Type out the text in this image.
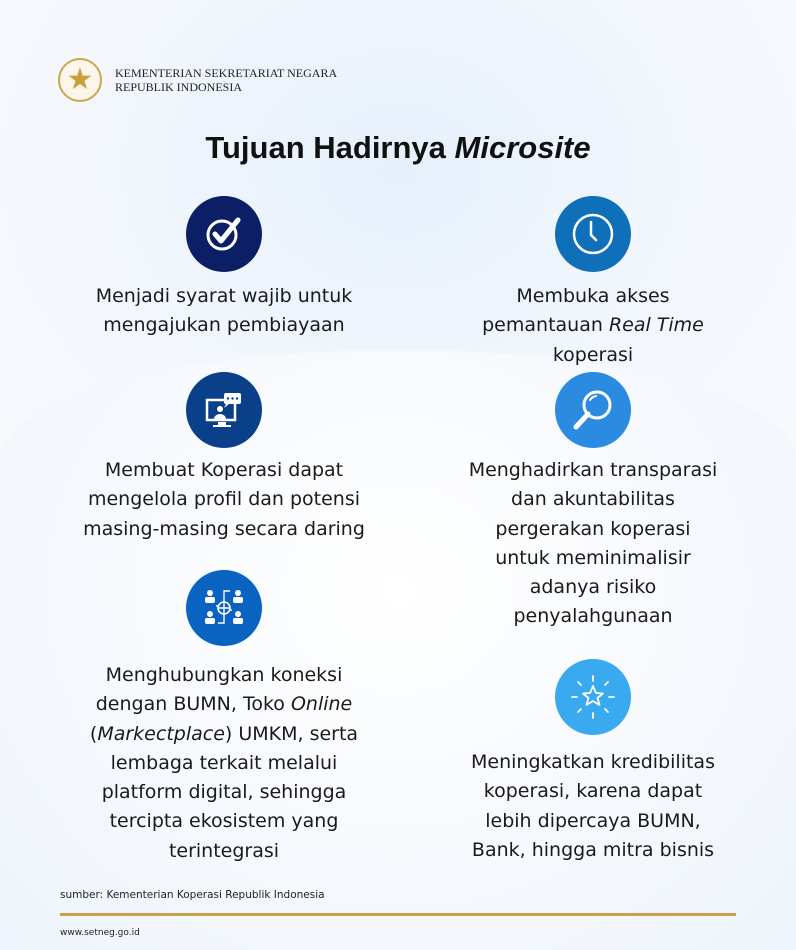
★	KEMENTERIAN SEKRETARIAT NEGARA
REPUBLIK INDONESIA
Tujuan Hadirnya Microsite
Menjadi syarat wajib untuk
mengajukan pembiayaan
Membuka akses
pemantauan Real Time
koperasi
Membuat Koperasi dapat
mengelola profil dan potensi
masing-masing secara daring
Menghadirkan transparasi
dan akuntabilitas
pergerakan koperasi
untuk meminimalisir
adanya risiko
penyalahgunaan
Menghubungkan koneksi
dengan BUMN, Toko Online
(Markectplace) UMKM, serta
lembaga terkait melalui
platform digital, sehingga
tercipta ekosistem yang
terintegrasi
Meningkatkan kredibilitas
koperasi, karena dapat
lebih dipercaya BUMN,
Bank, hingga mitra bisnis
sumber: Kementerian Koperasi Republik Indonesia
www.setneg.go.id
